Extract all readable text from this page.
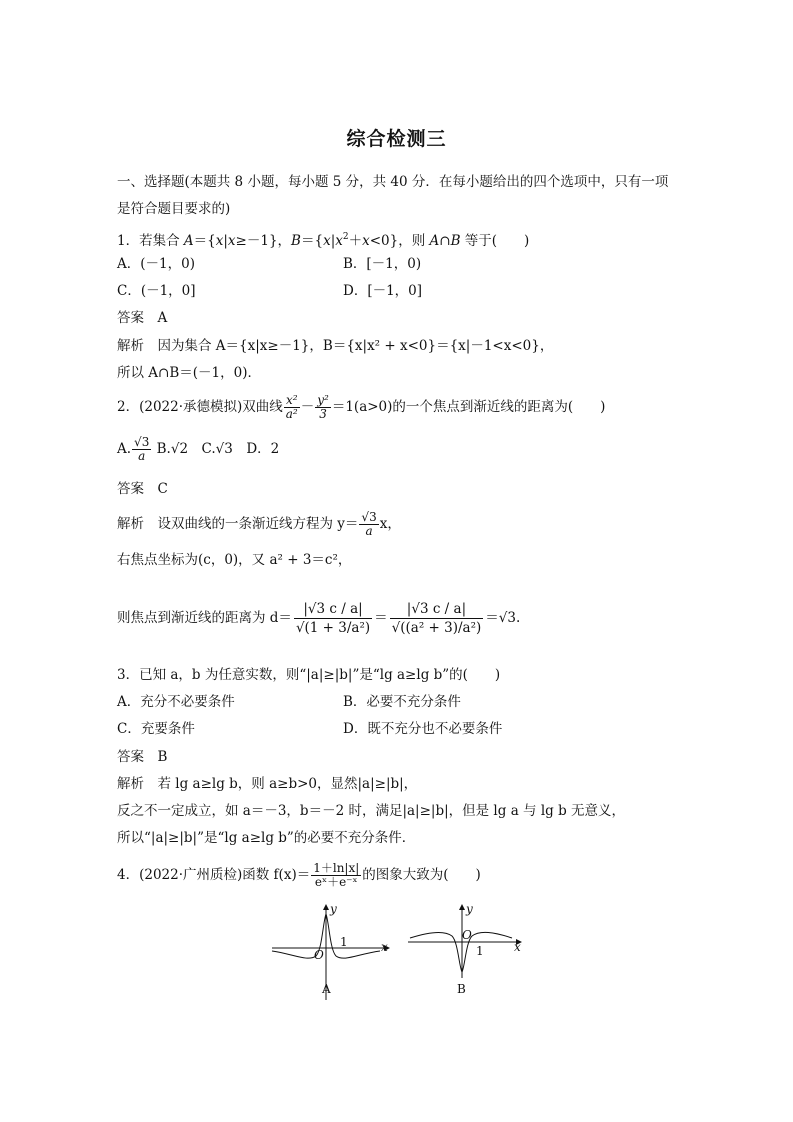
综合检测三
一、选择题(本题共 8 小题，每小题 5 分，共 40 分．在每小题给出的四个选项中，只有一项
是符合题目要求的)
1．若集合 A＝{x|x≥－1}，$B=\{x|x^2+x<0\}$，则 A∩B 等于(　　)
A．(－1，0)	B．[－1，0)
C．(－1，0]	D．[－1，0]
答案　A
解析　因为集合 A＝{x|x≥－1}，B＝{x|x² + x<0}＝{x|－1<x<0}，
所以 A∩B＝(－1，0)．
2．(2022·承德模拟)双曲线 $\frac{\text{x²}}{\text{a²}} - \frac{\text{y²}}{3} =1(a>0)$的一个焦点到渐近线的距离为(　　)
A. $\frac{√3}{a} B.√2$　C.√3　D．2
答案　C
解析　设双曲线的一条渐近线方程为 $y= \frac{√3}{a}$ x，
右焦点坐标为(c，0)，又 a² + 3＝c²，
则焦点到渐近线的距离为 $d= \frac{|√3 c / a|}{\text{√(1 + 3/a²)}} = \frac{|√3 c / a|}{\text{√((a² + 3)/a²)}} =√3$.
3．已知 a，b 为任意实数，则“|a|≥|b|”是“lg a≥lg b”的(　　)
A．充分不必要条件	B．必要不充分条件
C．充要条件	D．既不充分也不必要条件
答案　B
解析　若 lg a≥lg b，则 a≥b>0，显然|a|≥|b|，
反之不一定成立，如 a＝－3，b＝－2 时，满足|a|≥|b|，但是 lg a 与 lg b 无意义，
所以“|a|≥|b|”是“lg a≥lg b”的必要不充分条件．
4．(2022·广州质检)函数 $f(x)= \frac{1+\ln|x|}{\text{eˣ＋e⁻ˣ}}$ 的图象大致为(　　)
y
x
O
1
A
y
x
O
1
B
